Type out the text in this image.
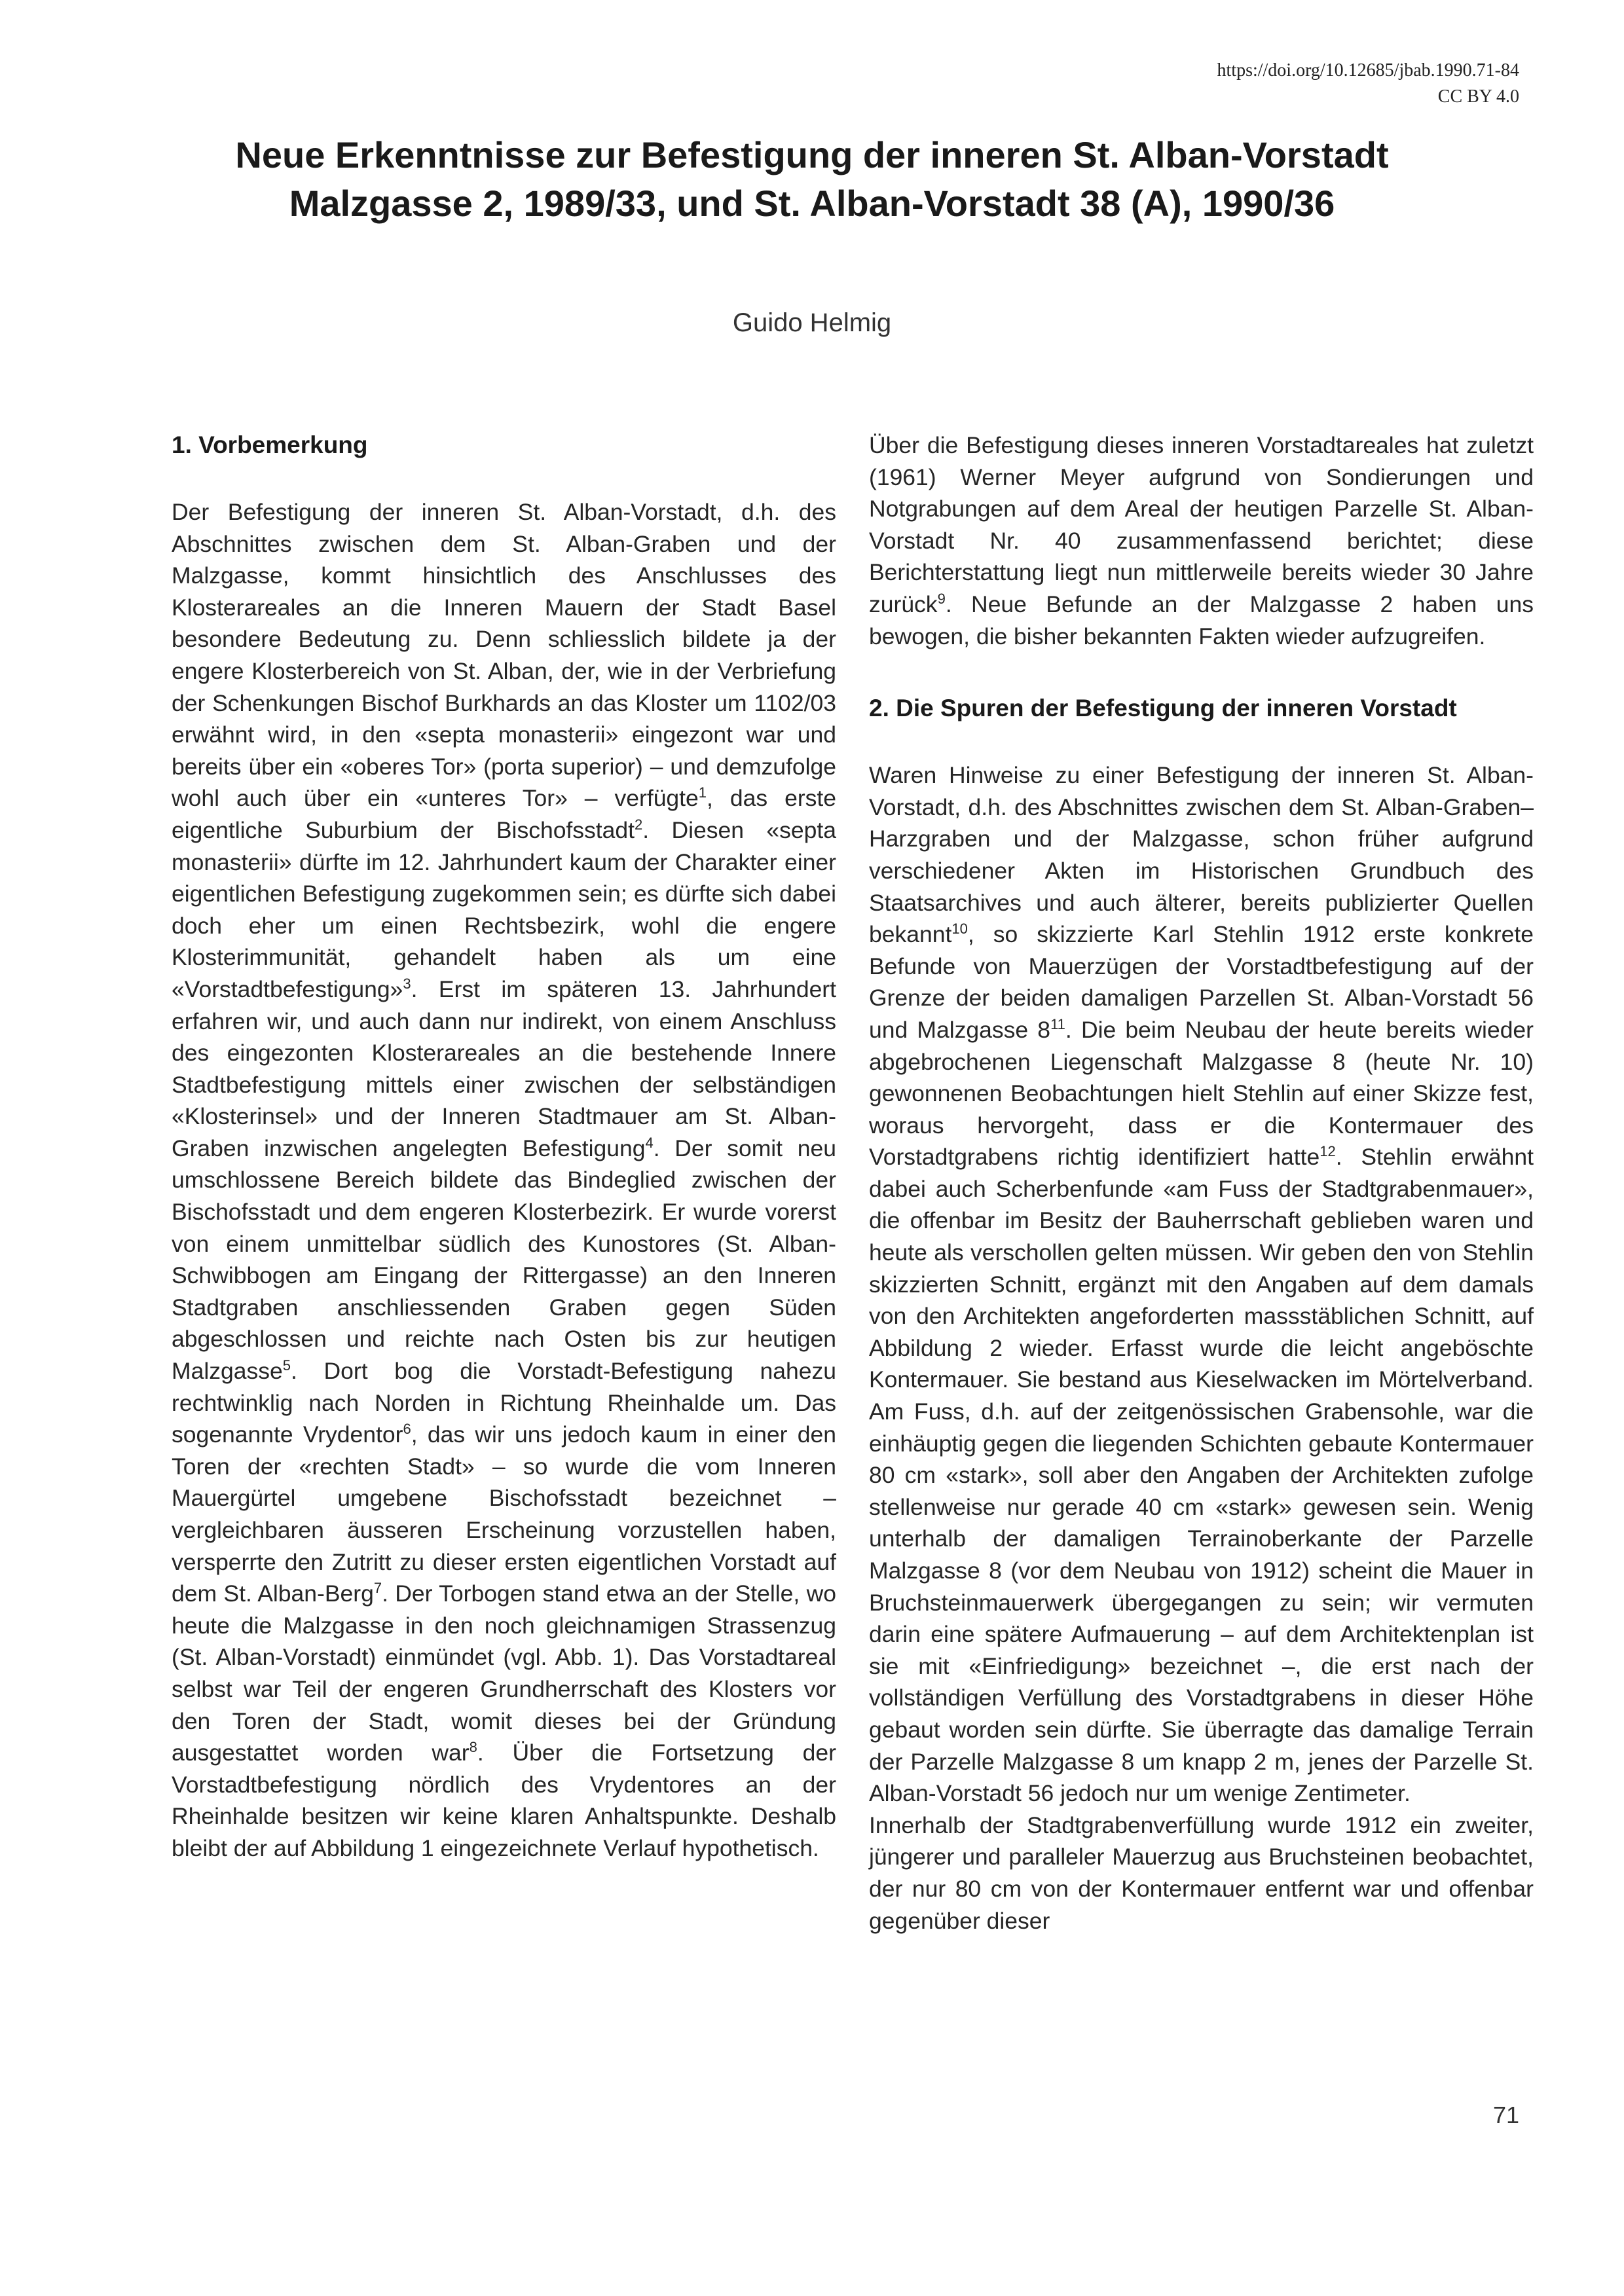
https://doi.org/10.12685/jbab.1990.71-84
CC BY 4.0
Neue Erkenntnisse zur Befestigung der inneren St. Alban-Vorstadt
Malzgasse 2, 1989/33, und St. Alban-Vorstadt 38 (A), 1990/36
Guido Helmig
1. Vorbemerkung

Der Befestigung der inneren St. Alban-Vorstadt, d.h. des Abschnittes zwischen dem St. Alban-Graben und der Malzgasse, kommt hinsichtlich des Anschlusses des Klosterareales an die Inneren Mauern der Stadt Basel besondere Bedeutung zu. Denn schliesslich bildete ja der engere Klosterbereich von St. Alban, der, wie in der Verbriefung der Schenkungen Bischof Burkhards an das Kloster um 1102/03 erwähnt wird, in den «septa monasterii» eingezont war und bereits über ein «oberes Tor» (porta superior) – und demzufolge wohl auch über ein «unteres Tor» – verfügte$^1$, das erste eigentliche Suburbium der Bischofsstadt$^2$. Diesen «septa monasterii» dürfte im 12. Jahrhundert kaum der Charakter einer eigentlichen Befestigung zugekommen sein; es dürfte sich dabei doch eher um einen Rechtsbezirk, wohl die engere Klosterimmunität, gehandelt haben als um eine «Vorstadtbefestigung»$^3$. Erst im späteren 13. Jahrhundert erfahren wir, und auch dann nur indirekt, von einem Anschluss des eingezonten Klosterareales an die bestehende Innere Stadtbefestigung mittels einer zwischen der selbständigen «Klosterinsel» und der Inneren Stadtmauer am St. Alban-Graben inzwischen angelegten Befestigung$^4$. Der somit neu umschlossene Bereich bildete das Bindeglied zwischen der Bischofsstadt und dem engeren Klosterbezirk. Er wurde vorerst von einem unmittelbar südlich des Kunostores (St. Alban-Schwibbogen am Eingang der Rittergasse) an den Inneren Stadtgraben anschliessenden Graben gegen Süden abgeschlossen und reichte nach Osten bis zur heutigen Malzgasse$^5$. Dort bog die Vorstadt-Befestigung nahezu rechtwinklig nach Norden in Richtung Rheinhalde um. Das sogenannte Vrydentor$^6$, das wir uns jedoch kaum in einer den Toren der «rechten Stadt» – so wurde die vom Inneren Mauergürtel umgebene Bischofsstadt bezeichnet – vergleichbaren äusseren Erscheinung vorzustellen haben, versperrte den Zutritt zu dieser ersten eigentlichen Vorstadt auf dem St. Alban-Berg$^7$. Der Torbogen stand etwa an der Stelle, wo heute die Malzgasse in den noch gleichnamigen Strassenzug (St. Alban-Vorstadt) einmündet (vgl. Abb. 1). Das Vorstadtareal selbst war Teil der engeren Grundherrschaft des Klosters vor den Toren der Stadt, womit dieses bei der Gründung ausgestattet worden war$^8$. Über die Fortsetzung der Vorstadtbefestigung nördlich des Vrydentores an der Rheinhalde besitzen wir keine klaren Anhaltspunkte. Deshalb bleibt der auf Abbildung 1 eingezeichnete Verlauf hypothetisch.

Über die Befestigung dieses inneren Vorstadtareales hat zuletzt (1961) Werner Meyer aufgrund von Sondierungen und Notgrabungen auf dem Areal der heutigen Parzelle St. Alban-Vorstadt Nr. 40 zusammenfassend berichtet; diese Berichterstattung liegt nun mittlerweile bereits wieder 30 Jahre zurück$^9$. Neue Befunde an der Malzgasse 2 haben uns bewogen, die bisher bekannten Fakten wieder aufzugreifen.

2. Die Spuren der Befestigung der inneren Vorstadt

Waren Hinweise zu einer Befestigung der inneren St. Alban-Vorstadt, d.h. des Abschnittes zwischen dem St. Alban-Graben–Harzgraben und der Malzgasse, schon früher aufgrund verschiedener Akten im Historischen Grundbuch des Staatsarchives und auch älterer, bereits publizierter Quellen bekannt$^{10}$, so skizzierte Karl Stehlin 1912 erste konkrete Befunde von Mauerzügen der Vorstadtbefestigung auf der Grenze der beiden damaligen Parzellen St. Alban-Vorstadt 56 und Malzgasse $8^{11}$. Die beim Neubau der heute bereits wieder abgebrochenen Liegenschaft Malzgasse 8 (heute Nr. 10) gewonnenen Beobachtungen hielt Stehlin auf einer Skizze fest, woraus hervorgeht, dass er die Kontermauer des Vorstadtgrabens richtig identifiziert hatte$^{12}$. Stehlin erwähnt dabei auch Scherbenfunde «am Fuss der Stadtgrabenmauer», die offenbar im Besitz der Bauherrschaft geblieben waren und heute als verschollen gelten müssen. Wir geben den von Stehlin skizzierten Schnitt, ergänzt mit den Angaben auf dem damals von den Architekten angeforderten massstäblichen Schnitt, auf Abbildung 2 wieder. Erfasst wurde die leicht angeböschte Kontermauer. Sie bestand aus Kieselwacken im Mörtelverband. Am Fuss, d.h. auf der zeitgenössischen Grabensohle, war die einhäuptig gegen die liegenden Schichten gebaute Kontermauer 80 cm «stark», soll aber den Angaben der Architekten zufolge stellenweise nur gerade 40 cm «stark» gewesen sein. Wenig unterhalb der damaligen Terrainoberkante der Parzelle Malzgasse 8 (vor dem Neubau von 1912) scheint die Mauer in Bruchsteinmauerwerk übergegangen zu sein; wir vermuten darin eine spätere Aufmauerung – auf dem Architektenplan ist sie mit «Einfriedigung» bezeichnet –, die erst nach der vollständigen Verfüllung des Vorstadtgrabens in dieser Höhe gebaut worden sein dürfte. Sie überragte das damalige Terrain der Parzelle Malzgasse 8 um knapp 2 m, jenes der Parzelle St. Alban-Vorstadt 56 jedoch nur um wenige Zentimeter.

Innerhalb der Stadtgrabenverfüllung wurde 1912 ein zweiter, jüngerer und paralleler Mauerzug aus Bruchsteinen beobachtet, der nur 80 cm von der Kontermauer entfernt war und offenbar gegenüber dieser

71
